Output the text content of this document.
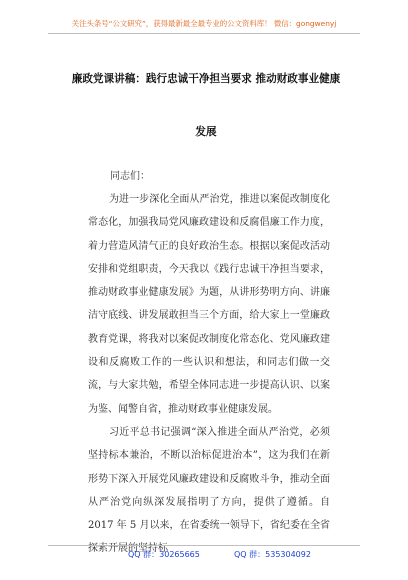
关注头条号“公文研究”，获得最新最全最专业的公文资料库！ 微信：gongwenyj
廉政党课讲稿：践行忠诚干净担当要求 推动财政事业健康
发展
同志们：

为进一步深化全面从严治党，推进以案促改制度化常态化，加强我局党风廉政建设和反腐倡廉工作力度，着力营造风清气正的良好政治生态。根据以案促改活动安排和党组职责，今天我以《践行忠诚干净担当要求，推动财政事业健康发展》为题，从讲形势明方向、讲廉洁守底线、讲发展敢担当三个方面，给大家上一堂廉政教育党课，将我对以案促改制度化常态化、党风廉政建设和反腐败工作的一些认识和想法，和同志们做一交流，与大家共勉，希望全体同志进一步提高认识、以案为鉴、闻警自省，推动财政事业健康发展。

习近平总书记强调“深入推进全面从严治党，必须坚持标本兼治，不断以治标促进治本”，这为我们在新形势下深入开展党风廉政建设和反腐败斗争，推动全面从严治党向纵深发展指明了方向，提供了遵循。自 2017 年 5 月以来，在省委统一领导下，省纪委在全省探索开展的坚持标

QQ 群：30265665	QQ 群：535304092
